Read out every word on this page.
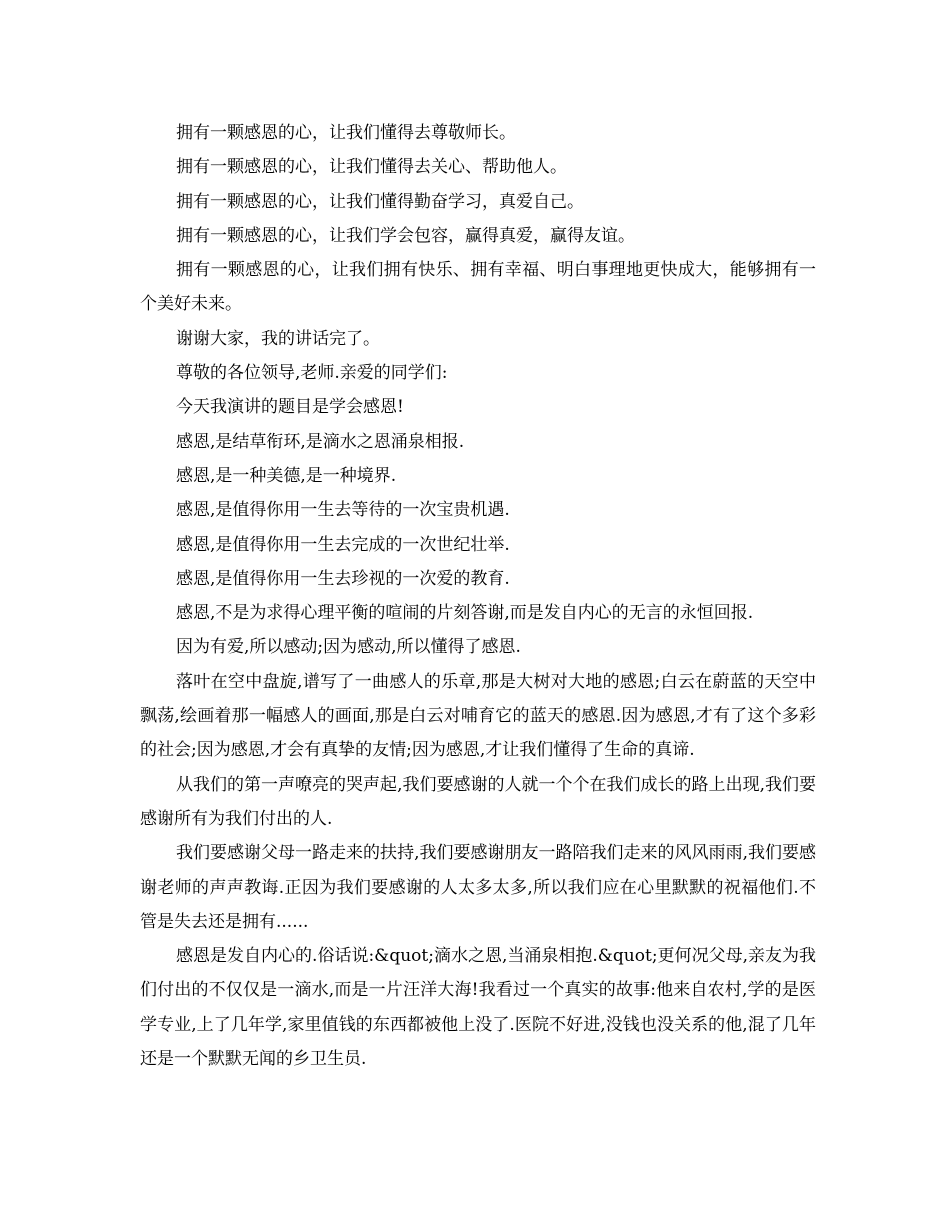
拥有一颗感恩的心，让我们懂得去尊敬师长。

拥有一颗感恩的心，让我们懂得去关心、帮助他人。

拥有一颗感恩的心，让我们懂得勤奋学习，真爱自己。

拥有一颗感恩的心，让我们学会包容，赢得真爱，赢得友谊。

拥有一颗感恩的心，让我们拥有快乐、拥有幸福、明白事理地更快成大，能够拥有一个美好未来。

谢谢大家，我的讲话完了。

尊敬的各位领导,老师.亲爱的同学们:

今天我演讲的题目是学会感恩!

感恩,是结草衔环,是滴水之恩涌泉相报.

感恩,是一种美德,是一种境界.

感恩,是值得你用一生去等待的一次宝贵机遇.

感恩,是值得你用一生去完成的一次世纪壮举.

感恩,是值得你用一生去珍视的一次爱的教育.

感恩,不是为求得心理平衡的喧闹的片刻答谢,而是发自内心的无言的永恒回报.

因为有爱,所以感动;因为感动,所以懂得了感恩.

落叶在空中盘旋,谱写了一曲感人的乐章,那是大树对大地的感恩;白云在蔚蓝的天空中飘荡,绘画着那一幅感人的画面,那是白云对哺育它的蓝天的感恩.因为感恩,才有了这个多彩的社会;因为感恩,才会有真挚的友情;因为感恩,才让我们懂得了生命的真谛.

从我们的第一声嘹亮的哭声起,我们要感谢的人就一个个在我们成长的路上出现,我们要感谢所有为我们付出的人.

我们要感谢父母一路走来的扶持,我们要感谢朋友一路陪我们走来的风风雨雨,我们要感谢老师的声声教诲.正因为我们要感谢的人太多太多,所以我们应在心里默默的祝福他们.不管是失去还是拥有......

感恩是发自内心的.俗话说:&quot;滴水之恩,当涌泉相抱.&quot;更何况父母,亲友为我们付出的不仅仅是一滴水,而是一片汪洋大海!我看过一个真实的故事:他来自农村,学的是医学专业,上了几年学,家里值钱的东西都被他上没了.医院不好进,没钱也没关系的他,混了几年还是一个默默无闻的乡卫生员.
